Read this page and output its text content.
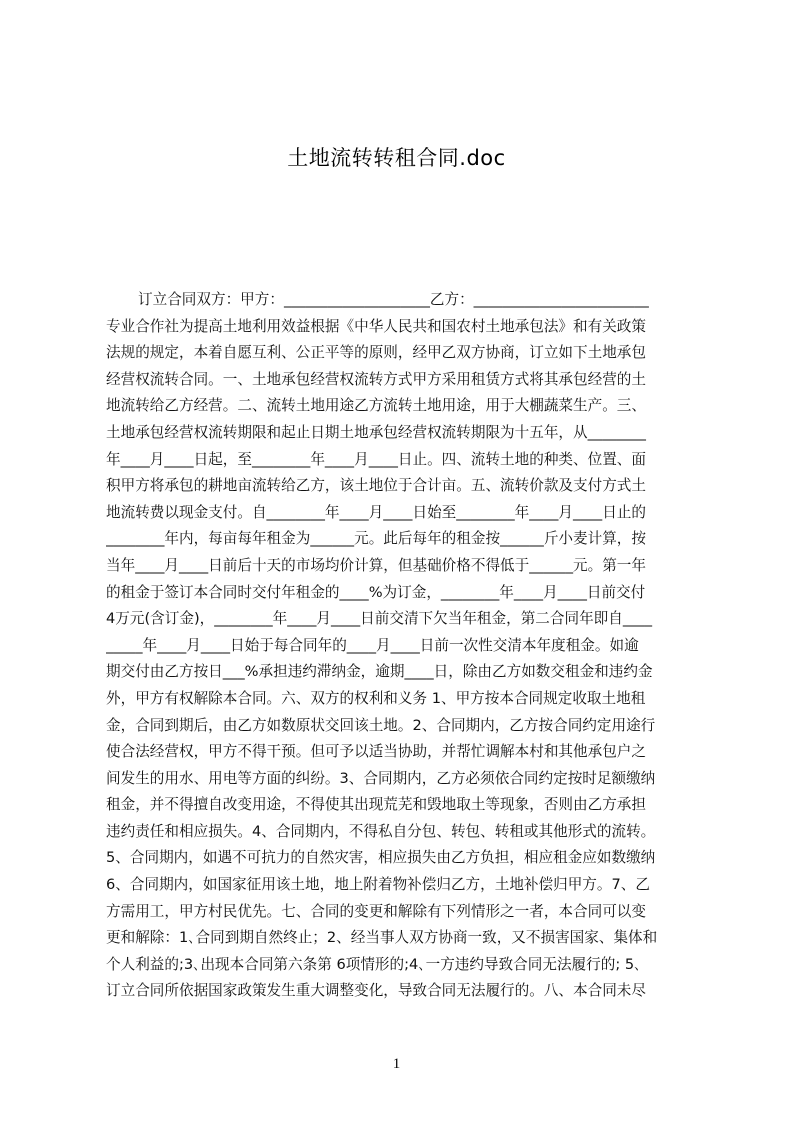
土地流转转租合同.doc
订立合同双方：甲方：____________________乙方：________________________
专业合作社为提高土地利用效益根据《中华人民共和国农村土地承包法》和有关政策
法规的规定，本着自愿互利、公正平等的原则，经甲乙双方协商，订立如下土地承包
经营权流转合同。一、土地承包经营权流转方式甲方采用租赁方式将其承包经营的土
地流转给乙方经营。二、流转土地用途乙方流转土地用途，用于大棚蔬菜生产。三、
土地承包经营权流转期限和起止日期土地承包经营权流转期限为十五年，从________
年____月____日起，至________年____月____日止。四、流转土地的种类、位置、面
积甲方将承包的耕地亩流转给乙方，该土地位于合计亩。五、流转价款及支付方式土
地流转费以现金支付。自________年____月____日始至________年____月____日止的
________年内，每亩每年租金为______元。此后每年的租金按______斤小麦计算，按
当年____月____日前后十天的市场均价计算，但基础价格不得低于______元。第一年
的租金于签订本合同时交付年租金的____%为订金，________年____月____日前交付
4万元(含订金)，________年____月____日前交清下欠当年租金，第二合同年即自____
_____年____月____日始于每合同年的____月____日前一次性交清本年度租金。如逾
期交付由乙方按日___%承担违约滞纳金，逾期____日，除由乙方如数交租金和违约金
外，甲方有权解除本合同。六、双方的权利和义务 1、甲方按本合同规定收取土地租
金，合同到期后，由乙方如数原状交回该土地。2、合同期内，乙方按合同约定用途行
使合法经营权，甲方不得干预。但可予以适当协助，并帮忙调解本村和其他承包户之
间发生的用水、用电等方面的纠纷。3、合同期内，乙方必须依合同约定按时足额缴纳
租金，并不得擅自改变用途，不得使其出现荒芜和毁地取土等现象，否则由乙方承担
违约责任和相应损失。4、合同期内，不得私自分包、转包、转租或其他形式的流转。
5、合同期内，如遇不可抗力的自然灾害，相应损失由乙方负担，相应租金应如数缴纳
6、合同期内，如国家征用该土地，地上附着物补偿归乙方，土地补偿归甲方。7、乙
方需用工，甲方村民优先。七、合同的变更和解除有下列情形之一者，本合同可以变
更和解除：1､合同到期自然终止；2、经当事人双方协商一致，又不损害国家、集体和
个人利益的;3､出现本合同第六条第 6项情形的;4､一方违约导致合同无法履行的; 5､
订立合同所依据国家政策发生重大调整变化，导致合同无法履行的。八、本合同未尽
1
